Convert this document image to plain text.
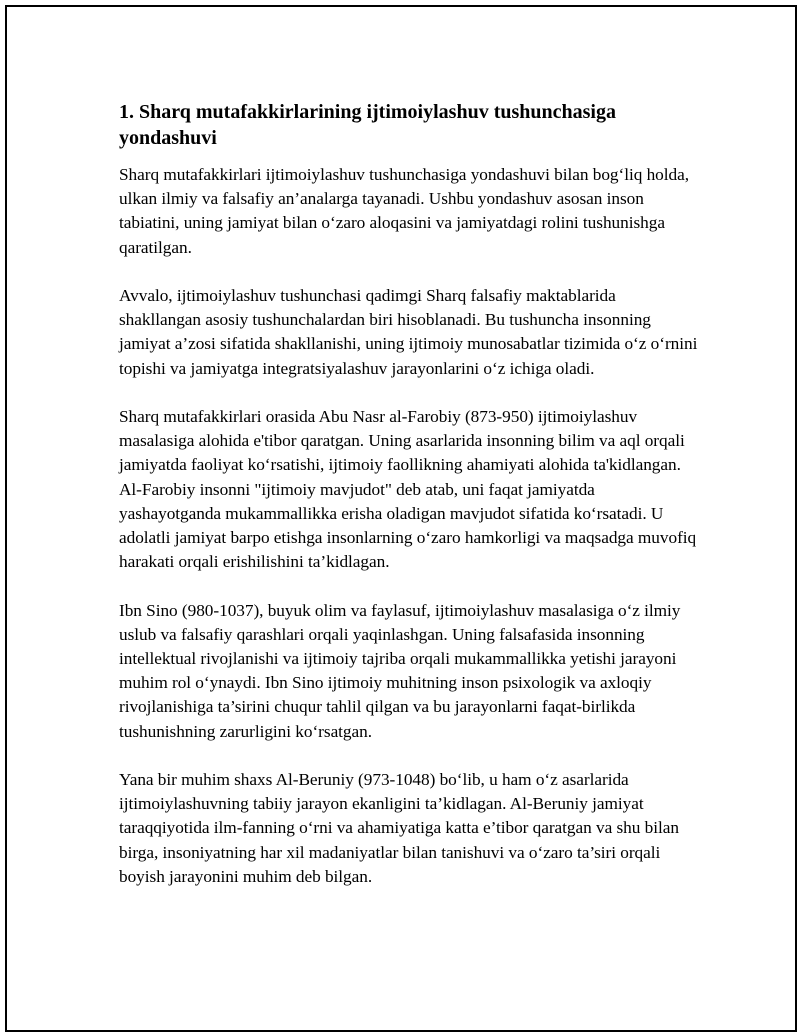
1. Sharq mutafakkirlarining ijtimoiylashuv tushunchasiga yondashuvi

Sharq mutafakkirlari ijtimoiylashuv tushunchasiga yondashuvi bilan bog‘liq holda, ulkan ilmiy va falsafiy an’analarga tayanadi. Ushbu yondashuv asosan inson tabiatini, uning jamiyat bilan o‘zaro aloqasini va jamiyatdagi rolini tushunishga qaratilgan.

Avvalo, ijtimoiylashuv tushunchasi qadimgi Sharq falsafiy maktablarida shakllangan asosiy tushunchalardan biri hisoblanadi. Bu tushuncha insonning jamiyat a’zosi sifatida shakllanishi, uning ijtimoiy munosabatlar tizimida o‘z o‘rnini topishi va jamiyatga integratsiyalashuv jarayonlarini o‘z ichiga oladi.

Sharq mutafakkirlari orasida Abu Nasr al-Farobiy (873-950) ijtimoiylashuv masalasiga alohida e'tibor qaratgan. Uning asarlarida insonning bilim va aql orqali jamiyatda faoliyat ko‘rsatishi, ijtimoiy faollikning ahamiyati alohida ta'kidlangan. Al-Farobiy insonni "ijtimoiy mavjudot" deb atab, uni faqat jamiyatda yashayotganda mukammallikka erisha oladigan mavjudot sifatida ko‘rsatadi. U adolatli jamiyat barpo etishga insonlarning o‘zaro hamkorligi va maqsadga muvofiq harakati orqali erishilishini ta’kidlagan.

Ibn Sino (980-1037), buyuk olim va faylasuf, ijtimoiylashuv masalasiga o‘z ilmiy uslub va falsafiy qarashlari orqali yaqinlashgan. Uning falsafasida insonning intellektual rivojlanishi va ijtimoiy tajriba orqali mukammallikka yetishi jarayoni muhim rol o‘ynaydi. Ibn Sino ijtimoiy muhitning inson psixologik va axloqiy rivojlanishiga ta’sirini chuqur tahlil qilgan va bu jarayonlarni faqat-birlikda tushunishning zarurligini ko‘rsatgan.

Yana bir muhim shaxs Al-Beruniy (973-1048) bo‘lib, u ham o‘z asarlarida ijtimoiylashuvning tabiiy jarayon ekanligini ta’kidlagan. Al-Beruniy jamiyat taraqqiyotida ilm-fanning o‘rni va ahamiyatiga katta e’tibor qaratgan va shu bilan birga, insoniyatning har xil madaniyatlar bilan tanishuvi va o‘zaro ta’siri orqali boyish jarayonini muhim deb bilgan.
